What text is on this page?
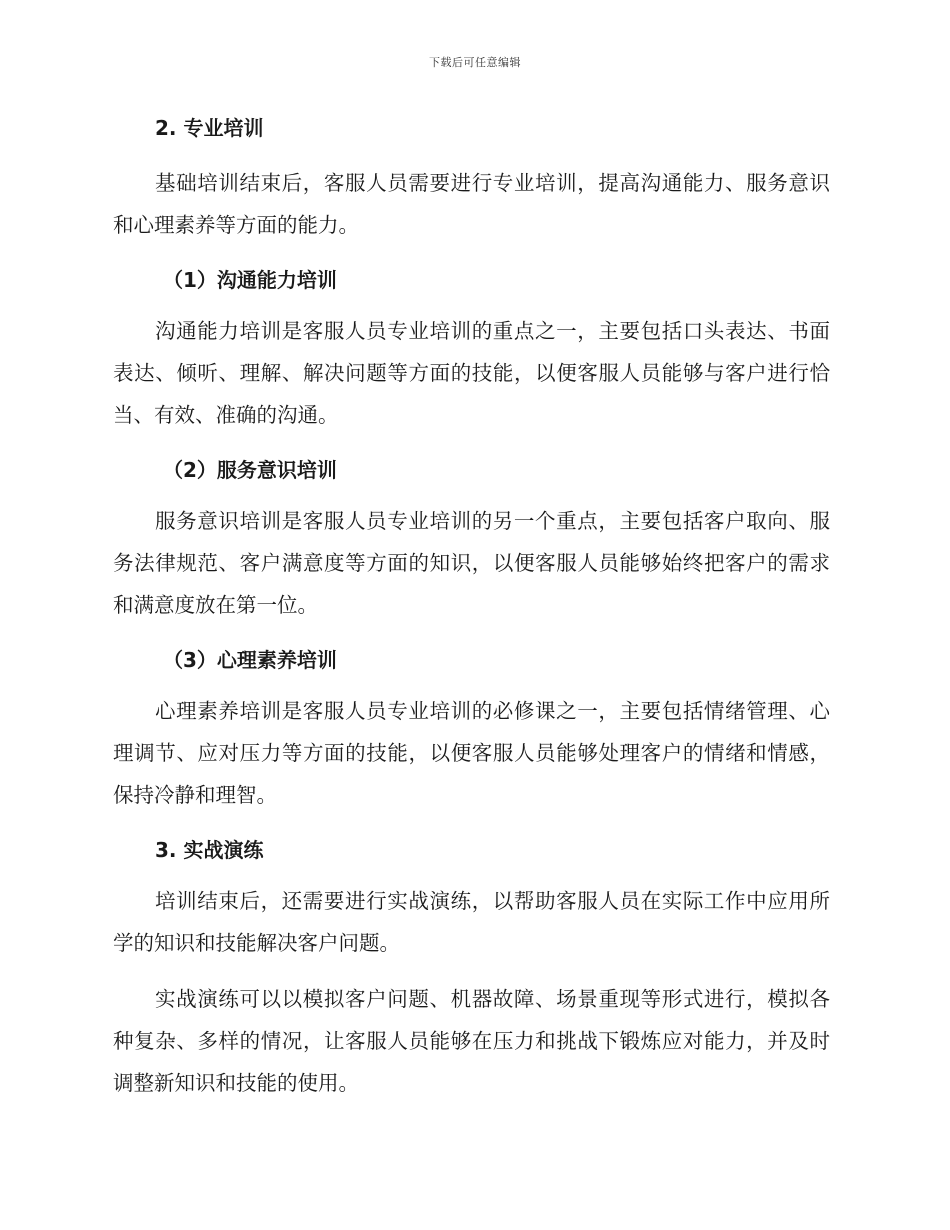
下载后可任意编辑

2. 专业培训

基础培训结束后，客服人员需要进行专业培训，提高沟通能力、服务意识和心理素养等方面的能力。

（1）沟通能力培训

沟通能力培训是客服人员专业培训的重点之一，主要包括口头表达、书面表达、倾听、理解、解决问题等方面的技能，以便客服人员能够与客户进行恰当、有效、准确的沟通。

（2）服务意识培训

服务意识培训是客服人员专业培训的另一个重点，主要包括客户取向、服务法律规范、客户满意度等方面的知识，以便客服人员能够始终把客户的需求和满意度放在第一位。

（3）心理素养培训

心理素养培训是客服人员专业培训的必修课之一，主要包括情绪管理、心理调节、应对压力等方面的技能，以便客服人员能够处理客户的情绪和情感，保持冷静和理智。

3. 实战演练

培训结束后，还需要进行实战演练，以帮助客服人员在实际工作中应用所学的知识和技能解决客户问题。

实战演练可以以模拟客户问题、机器故障、场景重现等形式进行，模拟各种复杂、多样的情况，让客服人员能够在压力和挑战下锻炼应对能力，并及时调整新知识和技能的使用。
